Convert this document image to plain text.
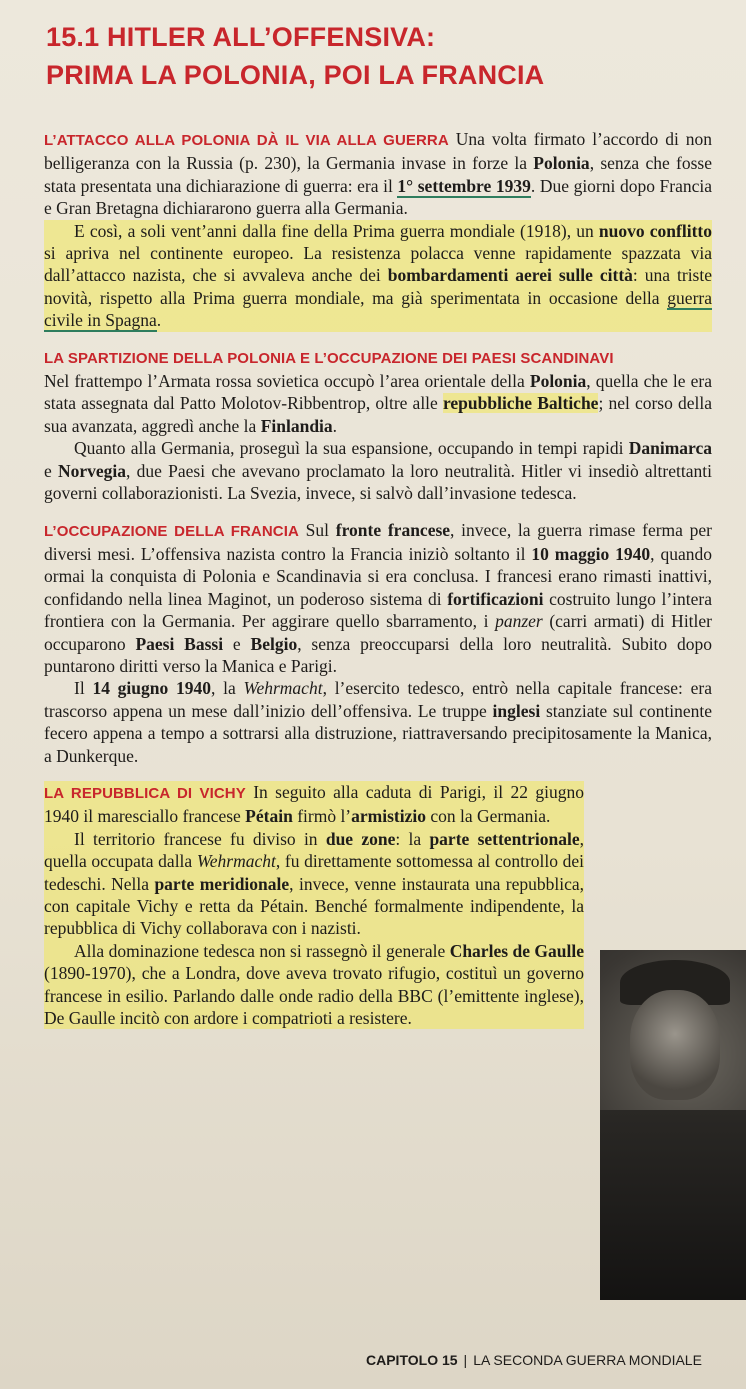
15.1 HITLER ALL’OFFENSIVA:
PRIMA LA POLONIA, POI LA FRANCIA

L’ATTACCO ALLA POLONIA DÀ IL VIA ALLA GUERRA Una volta firmato l’accordo di non belligeranza con la Russia (p. 230), la Germania invase in forze la Polonia, senza che fosse stata presentata una dichiarazione di guerra: era il 1° settembre 1939. Due giorni dopo Francia e Gran Bretagna dichiararono guerra alla Germania.

E così, a soli vent’anni dalla fine della Prima guerra mondiale (1918), un nuovo conflitto si apriva nel continente europeo. La resistenza polacca venne rapidamente spazzata via dall’attacco nazista, che si avvaleva anche dei bombardamenti aerei sulle città: una triste novità, rispetto alla Prima guerra mondiale, ma già sperimentata in occasione della guerra civile in Spagna.

LA SPARTIZIONE DELLA POLONIA E L’OCCUPAZIONE DEI PAESI SCANDINAVI
Nel frattempo l’Armata rossa sovietica occupò l’area orientale della Polonia, quella che le era stata assegnata dal Patto Molotov-Ribbentrop, oltre alle repubbliche Baltiche; nel corso della sua avanzata, aggredì anche la Finlandia.

Quanto alla Germania, proseguì la sua espansione, occupando in tempi rapidi Danimarca e Norvegia, due Paesi che avevano proclamato la loro neutralità. Hitler vi insediò altrettanti governi collaborazionisti. La Svezia, invece, si salvò dall’invasione tedesca.

L’OCCUPAZIONE DELLA FRANCIA Sul fronte francese, invece, la guerra rimase ferma per diversi mesi. L’offensiva nazista contro la Francia iniziò soltanto il 10 maggio 1940, quando ormai la conquista di Polonia e Scandinavia si era conclusa. I francesi erano rimasti inattivi, confidando nella linea Maginot, un poderoso sistema di fortificazioni costruito lungo l’intera frontiera con la Germania. Per aggirare quello sbarramento, i panzer (carri armati) di Hitler occuparono Paesi Bassi e Belgio, senza preoccuparsi della loro neutralità. Subito dopo puntarono diritti verso la Manica e Parigi.

Il 14 giugno 1940, la Wehrmacht, l’esercito tedesco, entrò nella capitale francese: era trascorso appena un mese dall’inizio dell’offensiva. Le truppe inglesi stanziate sul continente fecero appena a tempo a sottrarsi alla distruzione, riattraversando precipitosamente la Manica, a Dunkerque.

LA REPUBBLICA DI VICHY In seguito alla caduta di Parigi, il 22 giugno 1940 il maresciallo francese Pétain firmò l’armistizio con la Germania.

Il territorio francese fu diviso in due zone: la parte settentrionale, quella occupata dalla Wehrmacht, fu direttamente sottomessa al controllo dei tedeschi. Nella parte meridionale, invece, venne instaurata una repubblica, con capitale Vichy e retta da Pétain. Benché formalmente indipendente, la repubblica di Vichy collaborava con i nazisti.

Alla dominazione tedesca non si rassegnò il generale Charles de Gaulle (1890-1970), che a Londra, dove aveva trovato rifugio, costituì un governo francese in esilio. Parlando dalle onde radio della BBC (l’emittente inglese), De Gaulle incitò con ardore i compatrioti a resistere.

CAPITOLO 15 | LA SECONDA GUERRA MONDIALE
